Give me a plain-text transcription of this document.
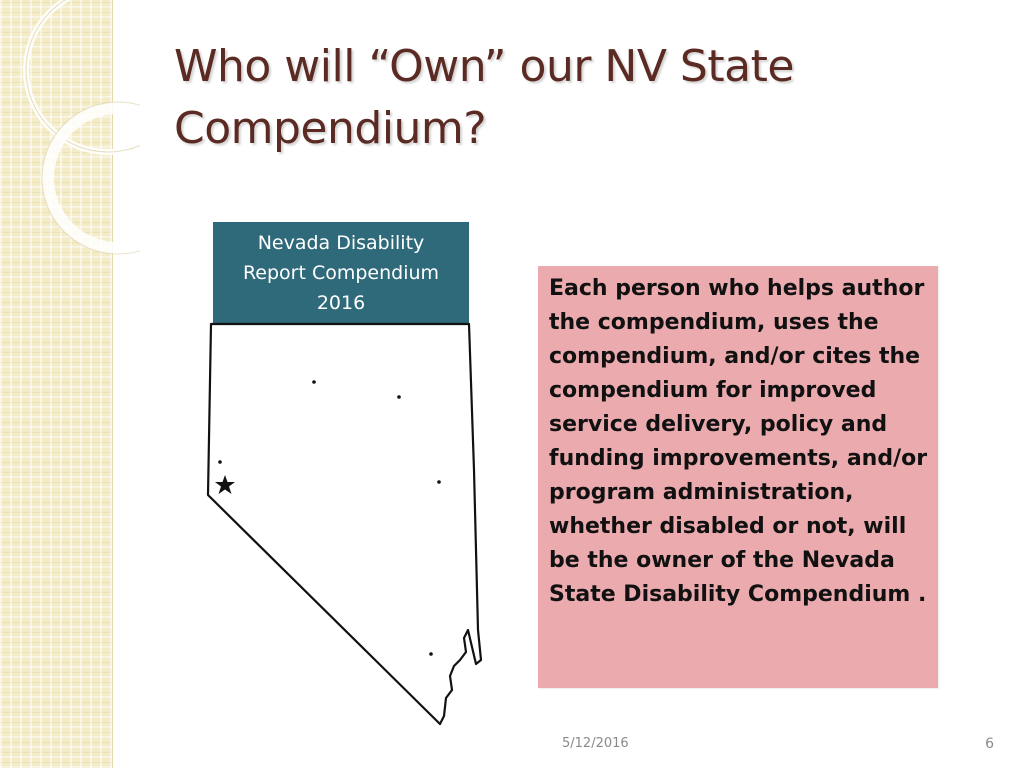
Who will “Own” our NV State Compendium?
Nevada Disability
Report Compendium
2016

Each person who helps author the compendium, uses the compendium, and/or cites the compendium for improved service delivery, policy and funding improvements, and/or program administration, whether disabled or not, will be the owner of the Nevada State Disability Compendium .

5/12/2016	6
